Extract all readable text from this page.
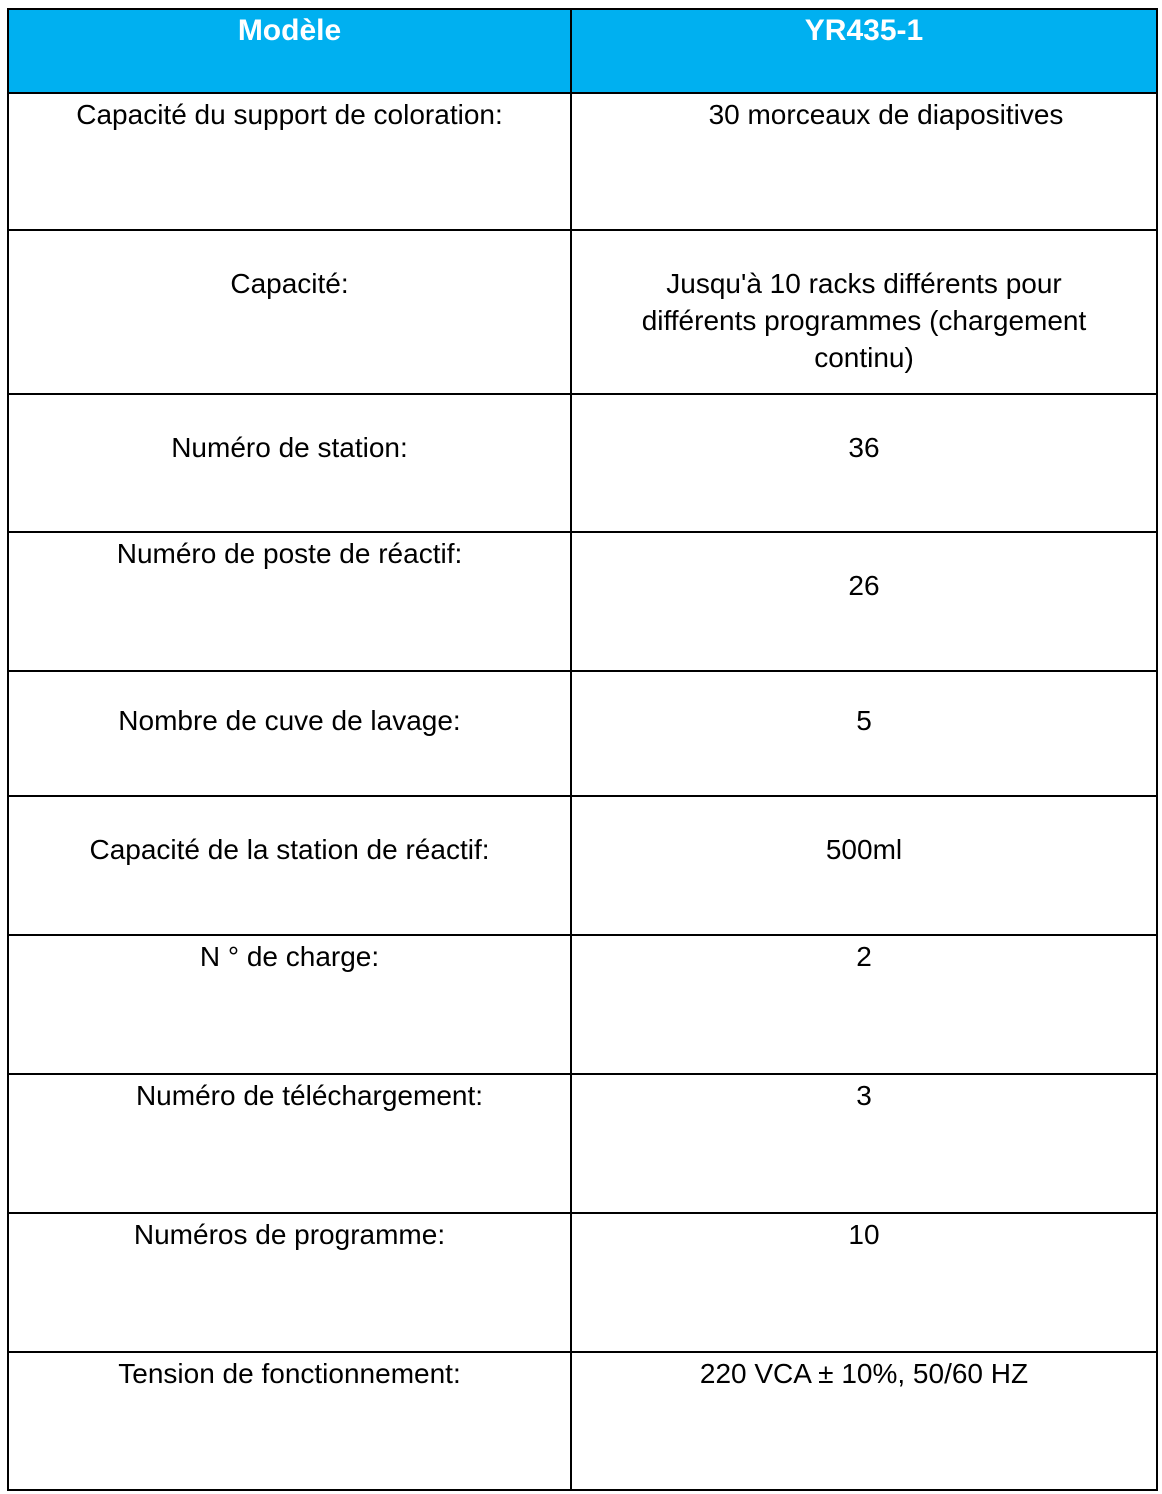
Modèle	YR435-1
Capacité du support de coloration:	30 morceaux de diapositives
Capacité:	Jusqu'à 10 racks différents pour différents programmes (chargement continu)
Numéro de station:	36
Numéro de poste de réactif:	26
Nombre de cuve de lavage:	5
Capacité de la station de réactif:	500ml
N ° de charge:	2
Numéro de téléchargement:	3
Numéros de programme:	10
Tension de fonctionnement:	220 VCA ± 10%, 50/60 HZ
